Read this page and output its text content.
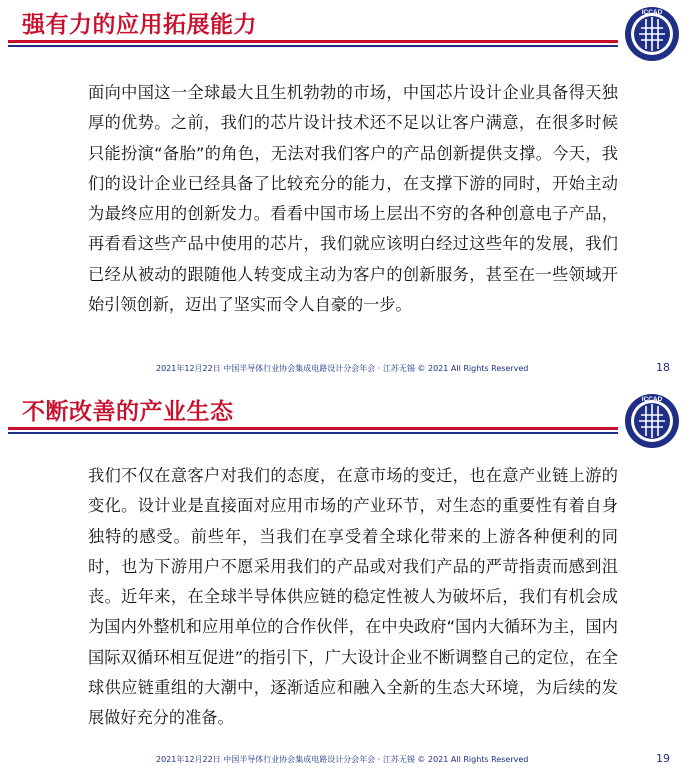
强有力的应用拓展能力	ICCAD
面向中国这一全球最大且生机勃勃的市场，中国芯片设计企业具备得天独厚的优势。之前，我们的芯片设计技术还不足以让客户满意，在很多时候只能扮演“备胎”的角色，无法对我们客户的产品创新提供支撑。今天，我们的设计企业已经具备了比较充分的能力，在支撑下游的同时，开始主动为最终应用的创新发力。看看中国市场上层出不穷的各种创意电子产品，再看看这些产品中使用的芯片，我们就应该明白经过这些年的发展，我们已经从被动的跟随他人转变成主动为客户的创新服务，甚至在一些领域开始引领创新，迈出了坚实而令人自豪的一步。
2021年12月22日 中国半导体行业协会集成电路设计分会年会 · 江苏无锡 © 2021 All Rights Reserved	18
不断改善的产业生态	ICCAD
我们不仅在意客户对我们的态度，在意市场的变迁，也在意产业链上游的变化。设计业是直接面对应用市场的产业环节，对生态的重要性有着自身独特的感受。前些年，当我们在享受着全球化带来的上游各种便利的同时，也为下游用户不愿采用我们的产品或对我们产品的严苛指责而感到沮丧。近年来，在全球半导体供应链的稳定性被人为破坏后，我们有机会成为国内外整机和应用单位的合作伙伴，在中央政府“国内大循环为主，国内国际双循环相互促进”的指引下，广大设计企业不断调整自己的定位，在全球供应链重组的大潮中，逐渐适应和融入全新的生态大环境，为后续的发展做好充分的准备。
2021年12月22日 中国半导体行业协会集成电路设计分会年会 · 江苏无锡 © 2021 All Rights Reserved	19
